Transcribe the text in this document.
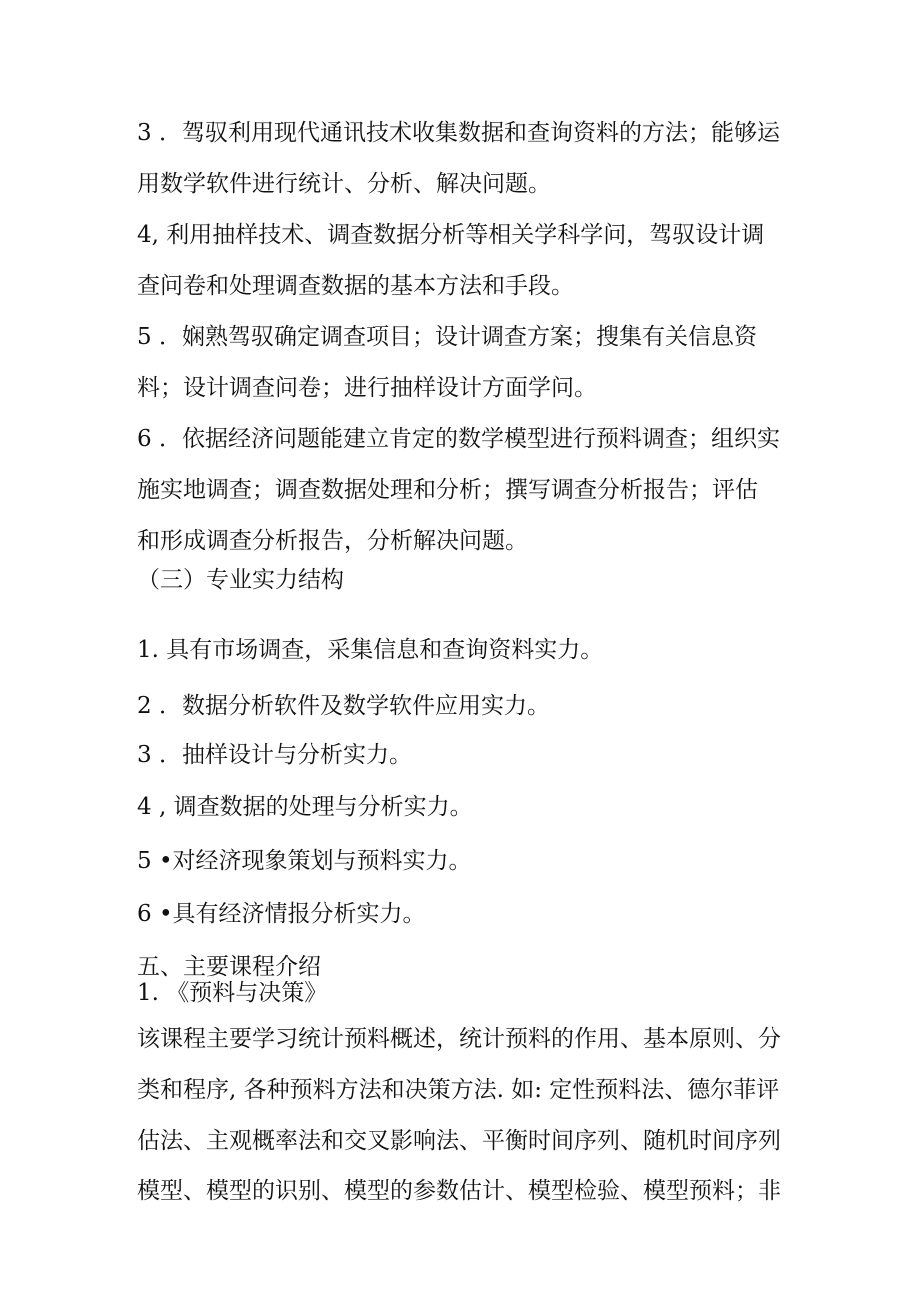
3 ．驾驭利用现代通讯技术收集数据和查询资料的方法；能够运
用数学软件进行统计、分析、解决问题。
4, 利用抽样技术、调查数据分析等相关学科学问，驾驭设计调
查问卷和处理调查数据的基本方法和手段。
5 ．娴熟驾驭确定调查项目；设计调查方案；搜集有关信息资
料；设计调查问卷；进行抽样设计方面学问。
6 ．依据经济问题能建立肯定的数学模型进行预料调查；组织实
施实地调查；调查数据处理和分析；撰写调查分析报告；评估
和形成调查分析报告，分析解决问题。
（三）专业实力结构
1. 具有市场调查，采集信息和查询资料实力。
2 ．数据分析软件及数学软件应用实力。
3 ．抽样设计与分析实力。
4 , 调查数据的处理与分析实力。
5 •对经济现象策划与预料实力。
6 •具有经济情报分析实力。
五、主要课程介绍
1. 《预料与决策》
该课程主要学习统计预料概述，统计预料的作用、基本原则、分
类和程序, 各种预料方法和决策方法. 如: 定性预料法、德尔菲评
估法、主观概率法和交叉影响法、平衡时间序列、随机时间序列
模型、模型的识别、模型的参数估计、模型检验、模型预料；非
